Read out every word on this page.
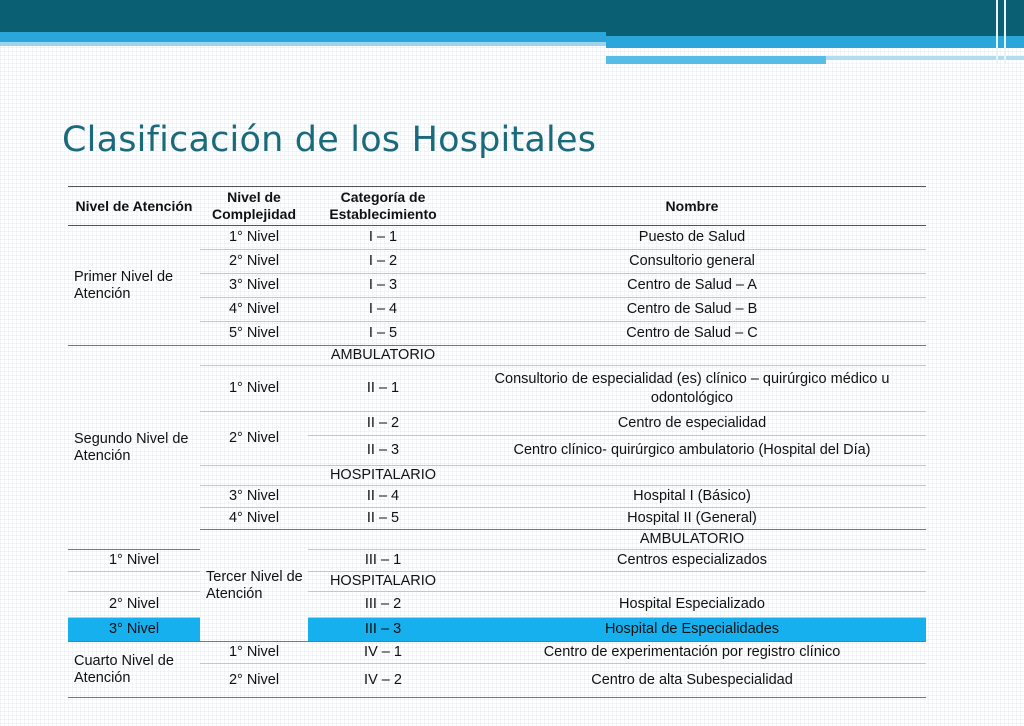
Clasificación de los Hospitales
Nivel de Atención	Nivel de Complejidad	Categoría de Establecimiento	Nombre	
Primer Nivel de Atención	1° Nivel	I – 1	Puesto de Salud	
	2° Nivel	I – 2	Consultorio general	
	3° Nivel	I – 3	Centro de Salud – A	
	4° Nivel	I – 4	Centro de Salud – B	
	5° Nivel	I – 5	Centro de Salud – C	
Segundo Nivel de Atención		AMBULATORIO		
	1° Nivel	II – 1	Consultorio de especialidad (es) clínico – quirúrgico médico u odontológico	
	2° Nivel	II – 2	Centro de especialidad	
		II – 3	Centro clínico- quirúrgico ambulatorio (Hospital del Día)	
		HOSPITALARIO		
	3° Nivel	II – 4	Hospital I (Básico)	
	4° Nivel	II – 5	Hospital II (General)	
	Tercer Nivel de Atención		AMBULATORIO	
1° Nivel		III – 1	Centros especializados	
		HOSPITALARIO		
2° Nivel		III – 2	Hospital Especializado	
3° Nivel		III – 3	Hospital de Especialidades	
Cuarto Nivel de Atención	1° Nivel	IV – 1	Centro de experimentación por registro clínico	
	2° Nivel	IV – 2	Centro de alta Subespecialidad	
